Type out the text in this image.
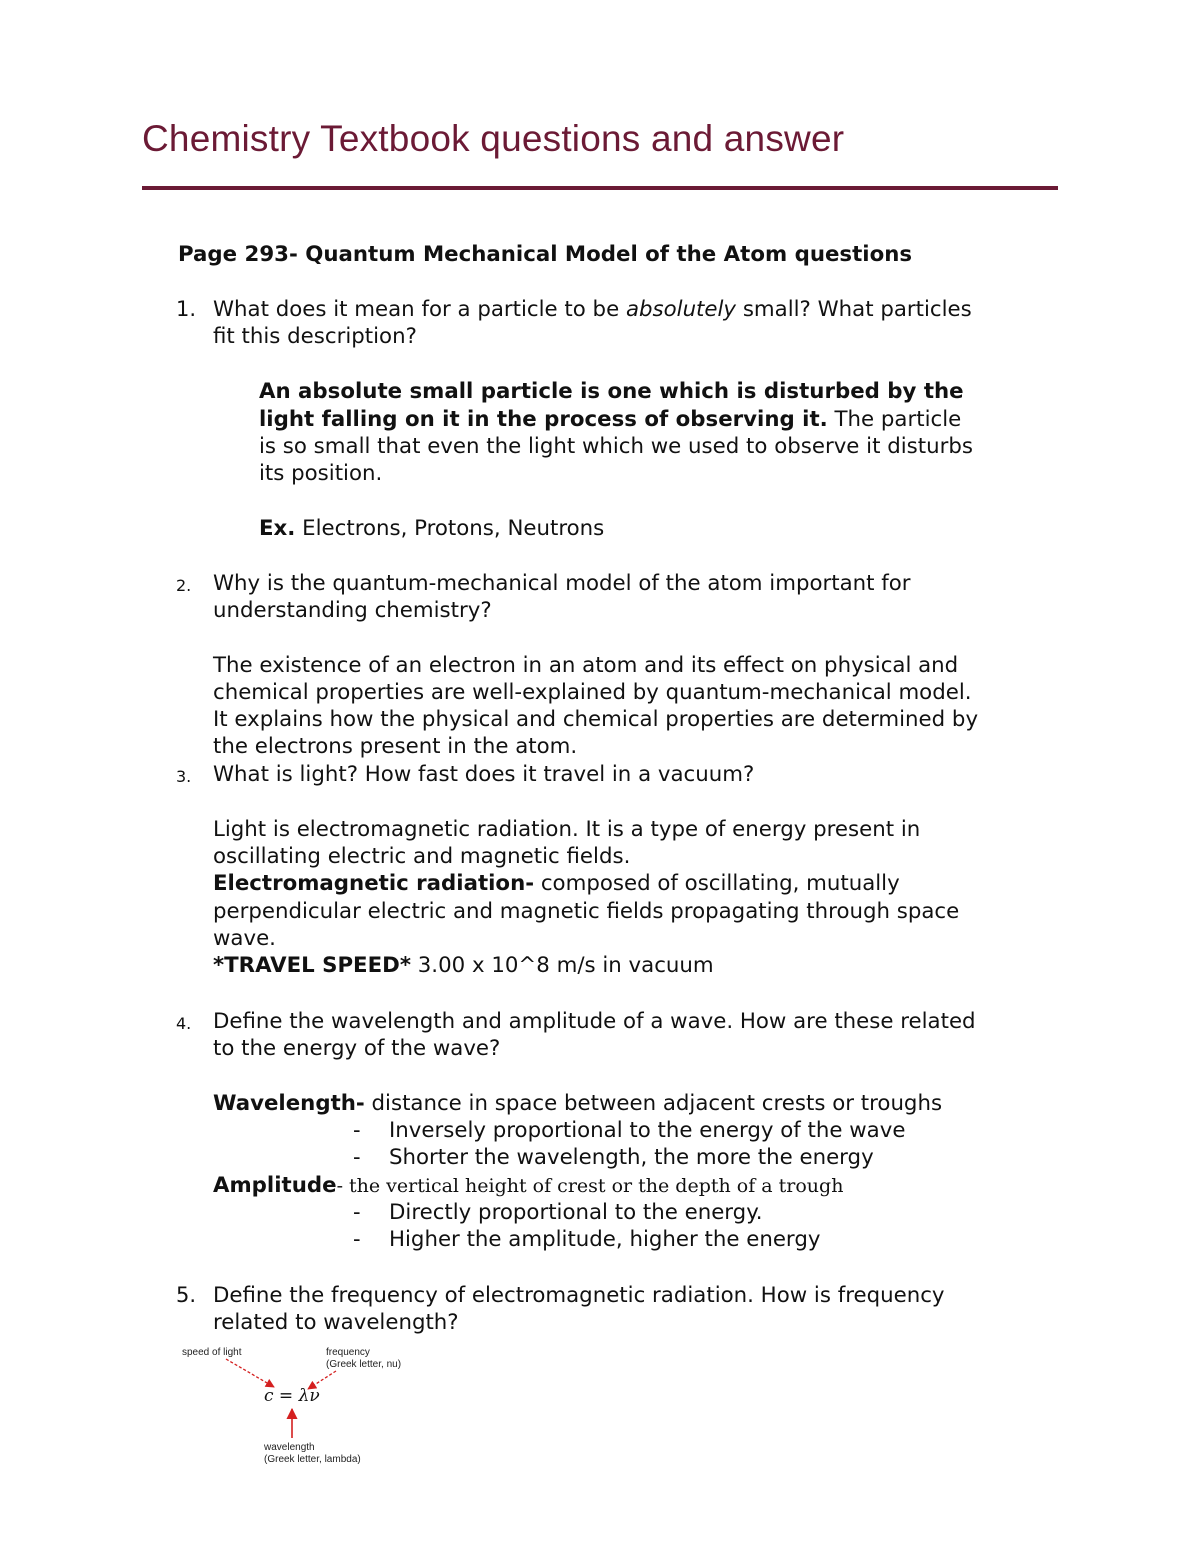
Chemistry Textbook questions and answer

Page 293- Quantum Mechanical Model of the Atom questions

1. What does it mean for a particle to be absolutely small? What particles

fit this description?

An absolute small particle is one which is disturbed by the

light falling on it in the process of observing it. The particle

is so small that even the light which we used to observe it disturbs

its position.

Ex. Electrons, Protons, Neutrons

2. Why is the quantum-mechanical model of the atom important for

understanding chemistry?

The existence of an electron in an atom and its effect on physical and

chemical properties are well-explained by quantum-mechanical model.

It explains how the physical and chemical properties are determined by

the electrons present in the atom.

3. What is light? How fast does it travel in a vacuum?

Light is electromagnetic radiation. It is a type of energy present in

oscillating electric and magnetic fields.

Electromagnetic radiation- composed of oscillating, mutually

perpendicular electric and magnetic fields propagating through space

wave.

*TRAVEL SPEED* 3.00 x 10^8 m/s in vacuum

4. Define the wavelength and amplitude of a wave. How are these related

to the energy of the wave?

Wavelength- distance in space between adjacent crests or troughs

- Inversely proportional to the energy of the wave

- Shorter the wavelength, the more the energy

Amplitude- the vertical height of crest or the depth of a trough

- Directly proportional to the energy.

- Higher the amplitude, higher the energy

5. Define the frequency of electromagnetic radiation. How is frequency

related to wavelength?

speed of light	frequency
(Greek letter, nu)
c = λν
wavelength
(Greek letter, lambda)
